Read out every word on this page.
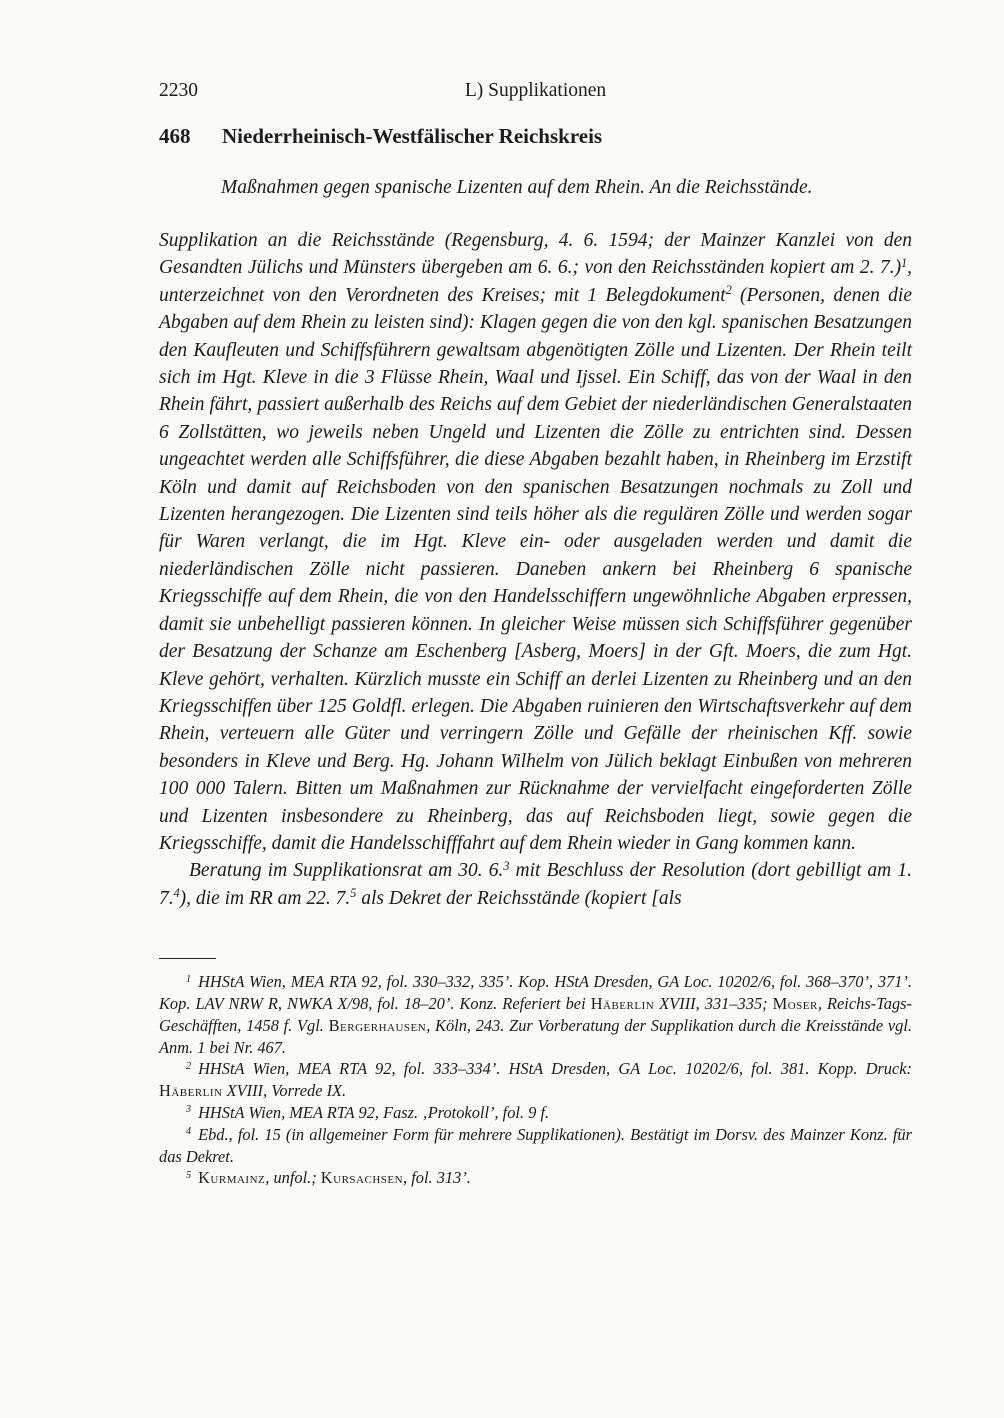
2230	L) Supplikationen
468	Niederrheinisch-Westfälischer Reichskreis

Maßnahmen gegen spanische Lizenten auf dem Rhein. An die Reichsstände.

Supplikation an die Reichsstände (Regensburg, 4. 6. 1594; der Mainzer Kanzlei von den Gesandten Jülichs und Münsters übergeben am 6. 6.; von den Reichsständen kopiert am 2. 7.)$^1$, unterzeichnet von den Verordneten des Kreises; mit 1 Belegdokument$^2$ (Personen, denen die Abgaben auf dem Rhein zu leisten sind): Klagen gegen die von den kgl. spanischen Besatzungen den Kaufleuten und Schiffsführern gewaltsam abgenötigten Zölle und Lizenten. Der Rhein teilt sich im Hgt. Kleve in die 3 Flüsse Rhein, Waal und Ijssel. Ein Schiff, das von der Waal in den Rhein fährt, passiert außerhalb des Reichs auf dem Gebiet der niederländischen Generalstaaten 6 Zollstätten, wo jeweils neben Ungeld und Lizenten die Zölle zu entrichten sind. Dessen ungeachtet werden alle Schiffsführer, die diese Abgaben bezahlt haben, in Rheinberg im Erzstift Köln und damit auf Reichsboden von den spanischen Besatzungen nochmals zu Zoll und Lizenten herangezogen. Die Lizenten sind teils höher als die regulären Zölle und werden sogar für Waren verlangt, die im Hgt. Kleve ein- oder ausgeladen werden und damit die niederländischen Zölle nicht passieren. Daneben ankern bei Rheinberg 6 spanische Kriegsschiffe auf dem Rhein, die von den Handelsschiffern ungewöhnliche Abgaben erpressen, damit sie unbehelligt passieren können. In gleicher Weise müssen sich Schiffsführer gegenüber der Besatzung der Schanze am Eschenberg [Asberg, Moers] in der Gft. Moers, die zum Hgt. Kleve gehört, verhalten. Kürzlich musste ein Schiff an derlei Lizenten zu Rheinberg und an den Kriegsschiffen über 125 Goldfl. erlegen. Die Abgaben ruinieren den Wirtschaftsverkehr auf dem Rhein, verteuern alle Güter und verringern Zölle und Gefälle der rheinischen Kff. sowie besonders in Kleve und Berg. Hg. Johann Wilhelm von Jülich beklagt Einbußen von mehreren 100 000 Talern. Bitten um Maßnahmen zur Rücknahme der vervielfacht eingeforderten Zölle und Lizenten insbesondere zu Rheinberg, das auf Reichsboden liegt, sowie gegen die Kriegsschiffe, damit die Handelsschifffahrt auf dem Rhein wieder in Gang kommen kann.

Beratung im Supplikationsrat am 30. 6.$^3$ mit Beschluss der Resolution (dort gebilligt am 1. 7.$^4$), die im RR am 22. 7.$^5$ als Dekret der Reichsstände (kopiert [als

$^1$ HHStA Wien, MEA RTA 92, fol. 330–332, 335’. Kop. HStA Dresden, GA Loc. 10202/6, fol. 368–370’, 371’. Kop. LAV NRW R, NWKA X/98, fol. 18–20’. Konz. Referiert bei Häberlin XVIII, 331–335; Moser, Reichs-Tags-Geschäfften, 1458 f. Vgl. Bergerhausen, Köln, 243. Zur Vorberatung der Supplikation durch die Kreisstände vgl. Anm. 1 bei Nr. 467.

$^2$ HHStA Wien, MEA RTA 92, fol. 333–334’. HStA Dresden, GA Loc. 10202/6, fol. 381. Kopp. Druck: Häberlin XVIII, Vorrede IX.

$^3$ HHStA Wien, MEA RTA 92, Fasz. ‚Protokoll’, fol. 9 f.

$^4$ Ebd., fol. 15 (in allgemeiner Form für mehrere Supplikationen). Bestätigt im Dorsv. des Mainzer Konz. für das Dekret.

$^5$ Kurmainz, unfol.; Kursachsen, fol. 313’.
